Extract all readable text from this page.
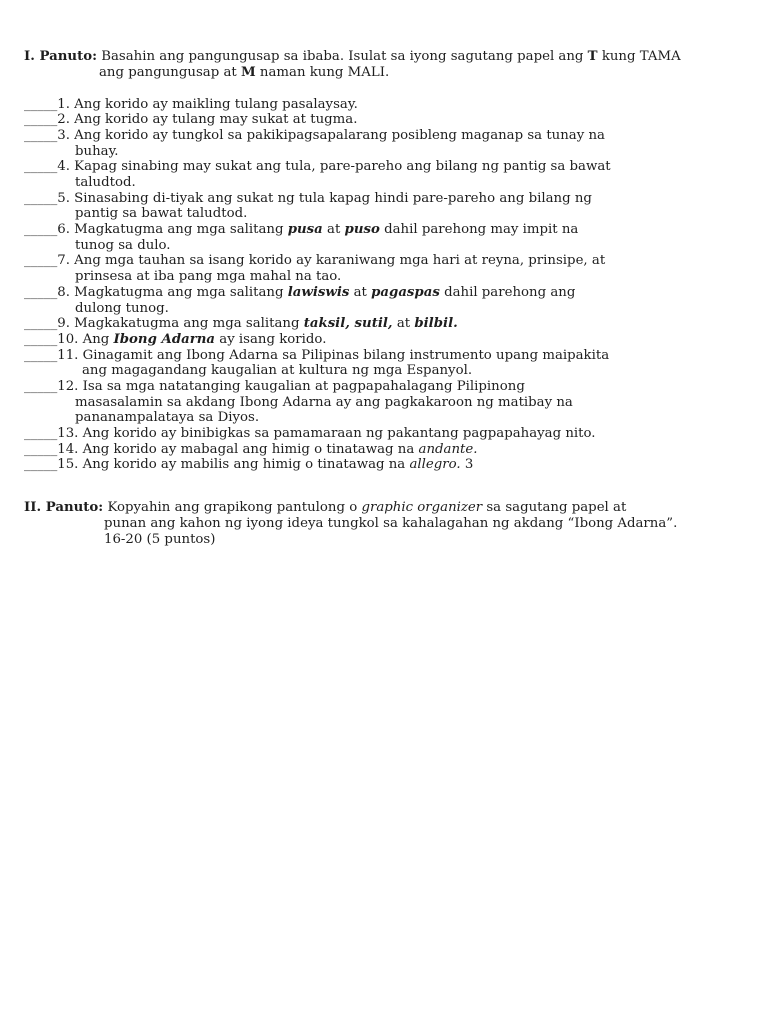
I. Panuto: Basahin ang pangungusap sa ibaba. Isulat sa iyong sagutang papel ang T kung TAMA
ang pangungusap at M naman kung MALI.
_____1. Ang korido ay maikling tulang pasalaysay.
_____2. Ang korido ay tulang may sukat at tugma.
_____3. Ang korido ay tungkol sa pakikipagsapalarang posibleng maganap sa tunay na
buhay.
_____4. Kapag sinabing may sukat ang tula, pare-pareho ang bilang ng pantig sa bawat
taludtod.
_____5. Sinasabing di-tiyak ang sukat ng tula kapag hindi pare-pareho ang bilang ng
pantig sa bawat taludtod.
_____6. Magkatugma ang mga salitang pusa at puso dahil parehong may impit na
tunog sa dulo.
_____7. Ang mga tauhan sa isang korido ay karaniwang mga hari at reyna, prinsipe, at
prinsesa at iba pang mga mahal na tao.
_____8. Magkatugma ang mga salitang lawiswis at pagaspas dahil parehong ang
dulong tunog.
_____9. Magkakatugma ang mga salitang taksil, sutil, at bilbil.
_____10. Ang Ibong Adarna ay isang korido.
_____11. Ginagamit ang Ibong Adarna sa Pilipinas bilang instrumento upang maipakita
ang magagandang kaugalian at kultura ng mga Espanyol.
_____12. Isa sa mga natatanging kaugalian at pagpapahalagang Pilipinong
masasalamin sa akdang Ibong Adarna ay ang pagkakaroon ng matibay na
pananampalataya sa Diyos.
_____13. Ang korido ay binibigkas sa pamamaraan ng pakantang pagpapahayag nito.
_____14. Ang korido ay mabagal ang himig o tinatawag na andante.
_____15. Ang korido ay mabilis ang himig o tinatawag na allegro. 3
II. Panuto: Kopyahin ang grapikong pantulong o graphic organizer sa sagutang papel at
punan ang kahon ng iyong ideya tungkol sa kahalagahan ng akdang “Ibong Adarna”.
16-20 (5 puntos)
